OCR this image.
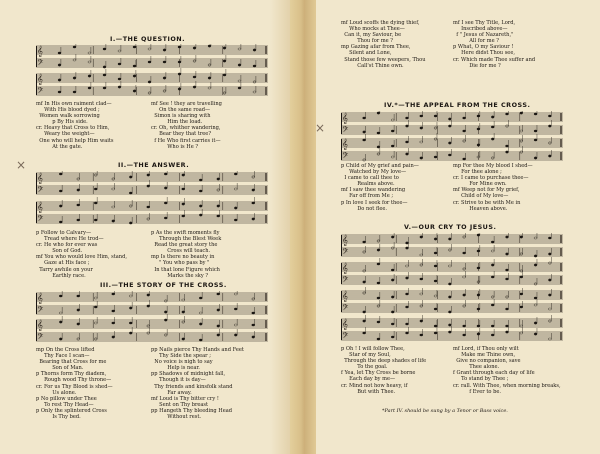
I.—THE QUESTION.
𝄞
𝄢
𝄞
𝄢
mf In His own raiment clad—
With His blood dyed ;
Women walk sorrowing
p By His side.
cr. Heavy that Cross to Him,
Weary the weight—
One who will help Him waits
At the gate.
mf See ! they are travelling
On the same road—
Simon is sharing with
Him the load.
cr. Oh, whither wandering,
Bear they that tree?
f He Who first carries it—
Who is He ?
II.—THE ANSWER.
𝄞
𝄢
𝄞
𝄢
p Follow to Calvary—
Tread where He trod—
cr. He who for ever was
Son of God.
mf You who would love Him, stand,
Gaze at His face ;
Tarry awhile on your
Earthly race.
p As the swift moments fly
Through the Blest Week
Read the great story the
Cross will teach.
mp Is there no beauty in
" You who pass by "
In that lone Figure which
Marks the sky ?
III.—THE STORY OF THE CROSS.
𝄞
𝄢
𝄞
𝄢
mp On the Cross lifted
Thy Face I scan—
Bearing that Cross for me
Son of Man.
p Thorns form Thy diadem,
Rough wood Thy throne—
cr. For us Thy Blood is shed—
Us alone.
p No pillow under Thee
To rest Thy Head—
p Only the splintered Cross
Is Thy bed.
pp Nails pierce Thy Hands and Feet
Thy Side the spear ;
No voice is nigh to say
Help is near.
pp Shadows of midnight fall,
Though it is day—
Thy friends and kinsfolk stand
Far away.
mf Loud is Thy bitter cry !
Sent on Thy breast
pp Hangeth Thy bleeding Head
Without rest.
mf Loud scoffs the dying thief,
Who mocks at Thee—
Can it, my Saviour, be
Thou for me ?
mp Gazing afar from Thee,
Silent and Lone,
Stand those few weepers, Thou
Call'st Thine own.
mf I see Thy Title, Lord,
Inscribed above—
f " Jesus of Nazareth,"
All for me ?
p What, O my Saviour !
Here didst Thou see,
cr. Which made Thee suffer and
Die for me ?
IV.*—THE APPEAL FROM THE CROSS.
𝄞
𝄢
𝄞
𝄢
p Child of My grief and pain—
Watched by My love—
I came to call thee to
Realms above.
mf I saw thee wandering
Far off from Me ;
p In love I seek for thee—
Do not flee.
mp For thee My blood I shed—
For thee alone ;
cr. I came to purchase thee—
For Mine own.
mf Weep not for My grief,
Child of My love—
cr. Strive to be with Me in
Heaven above.
V.—OUR CRY TO JESUS.
𝄞
𝄢
𝄞
𝄢
𝄞
𝄢
𝄞
𝄢
p Oh ! I will follow Thee,
Star of my Soul,
Through the deep shades of life
To the goal.
f Yea, let Thy Cross be borne
Each day by me—
cr. Mind not how heavy, if
But with Thee.
mf Lord, if Thou only wilt
Make me Thine own,
Give no companion, save
Thee alone.
f Grant through each day of life
To stand by Thee ;
cr. rall. With Thee, when morning breaks,
f Ever to be.
*Part IV. should be sung by a Tenor or Bass voice.
×
×
